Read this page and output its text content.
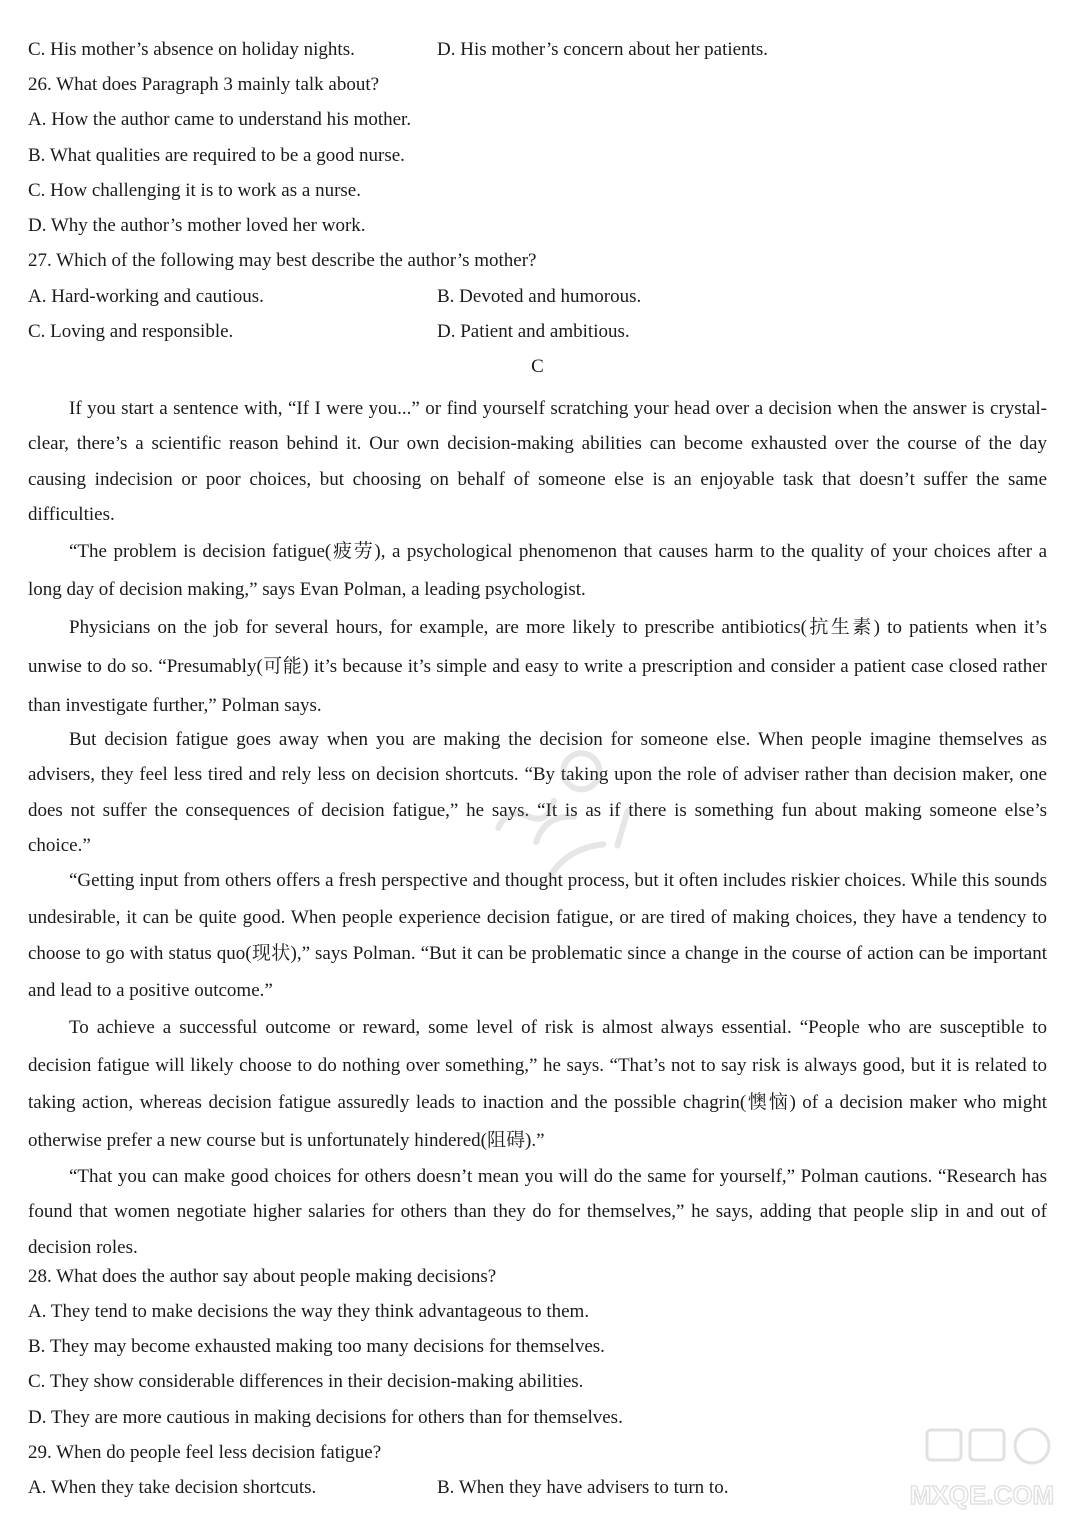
C. His mother’s absence on holiday nights.	D. His mother’s concern about her patients.
26. What does Paragraph 3 mainly talk about?
A. How the author came to understand his mother.
B. What qualities are required to be a good nurse.
C. How challenging it is to work as a nurse.
D. Why the author’s mother loved her work.
27. Which of the following may best describe the author’s mother?
A. Hard-working and cautious.	B. Devoted and humorous.
C. Loving and responsible.	D. Patient and ambitious.
C

If you start a sentence with, “If I were you...” or find yourself scratching your head over a decision when the answer is crystal-clear, there’s a scientific reason behind it. Our own decision-making abilities can become exhausted over the course of the day causing indecision or poor choices, but choosing on behalf of someone else is an enjoyable task that doesn’t suffer the same difficulties.

“The problem is decision fatigue(疲劳), a psychological phenomenon that causes harm to the quality of your choices after a long day of decision making,” says Evan Polman, a leading psychologist.

Physicians on the job for several hours, for example, are more likely to prescribe antibiotics(抗生素) to patients when it’s unwise to do so. “Presumably(可能) it’s because it’s simple and easy to write a prescription and consider a patient case closed rather than investigate further,” Polman says.

But decision fatigue goes away when you are making the decision for someone else. When people imagine themselves as advisers, they feel less tired and rely less on decision shortcuts. “By taking upon the role of adviser rather than decision maker, one does not suffer the consequences of decision fatigue,” he says. “It is as if there is something fun about making someone else’s choice.”

“Getting input from others offers a fresh perspective and thought process, but it often includes riskier choices. While this sounds undesirable, it can be quite good. When people experience decision fatigue, or are tired of making choices, they have a tendency to choose to go with status quo(现状),” says Polman. “But it can be problematic since a change in the course of action can be important and lead to a positive outcome.”

To achieve a successful outcome or reward, some level of risk is almost always essential. “People who are susceptible to decision fatigue will likely choose to do nothing over something,” he says. “That’s not to say risk is always good, but it is related to taking action, whereas decision fatigue assuredly leads to inaction and the possible chagrin(懊恼) of a decision maker who might otherwise prefer a new course but is unfortunately hindered(阻碍).”

“That you can make good choices for others doesn’t mean you will do the same for yourself,” Polman cautions. “Research has found that women negotiate higher salaries for others than they do for themselves,” he says, adding that people slip in and out of decision roles.

28. What does the author say about people making decisions?
A. They tend to make decisions the way they think advantageous to them.
B. They may become exhausted making too many decisions for themselves.
C. They show considerable differences in their decision-making abilities.
D. They are more cautious in making decisions for others than for themselves.
29. When do people feel less decision fatigue?
A. When they take decision shortcuts.	B. When they have advisers to turn to.	MXQE.COM
